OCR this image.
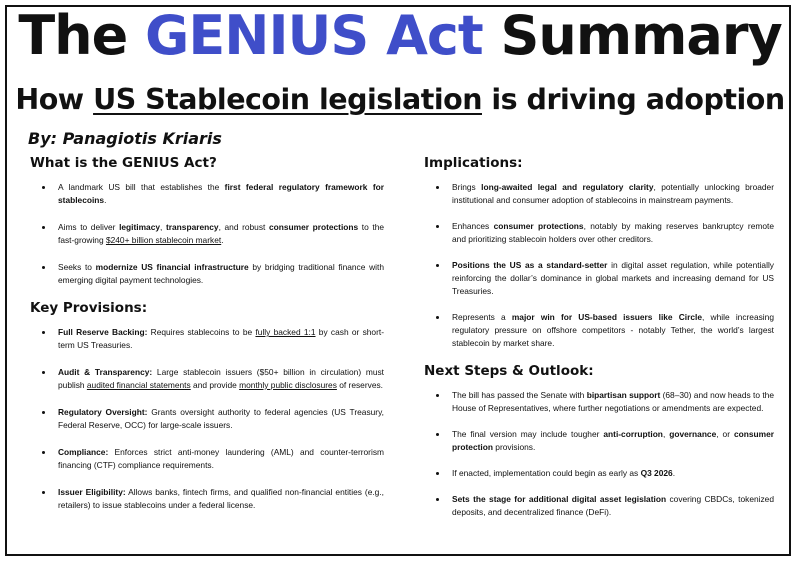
The GENIUS Act Summary
How US Stablecoin legislation is driving adoption
By: Panagiotis Kriaris
What is the GENIUS Act?
A landmark US bill that establishes the first federal regulatory framework for stablecoins.
Aims to deliver legitimacy, transparency, and robust consumer protections to the fast-growing $240+ billion stablecoin market.
Seeks to modernize US financial infrastructure by bridging traditional finance with emerging digital payment technologies.
Key Provisions:
Full Reserve Backing: Requires stablecoins to be fully backed 1:1 by cash or short-term US Treasuries.
Audit & Transparency: Large stablecoin issuers ($50+ billion in circulation) must publish audited financial statements and provide monthly public disclosures of reserves.
Regulatory Oversight: Grants oversight authority to federal agencies (US Treasury, Federal Reserve, OCC) for large-scale issuers.
Compliance: Enforces strict anti-money laundering (AML) and counter-terrorism financing (CTF) compliance requirements.
Issuer Eligibility: Allows banks, fintech firms, and qualified non-financial entities (e.g., retailers) to issue stablecoins under a federal license.
Implications:
Brings long-awaited legal and regulatory clarity, potentially unlocking broader institutional and consumer adoption of stablecoins in mainstream payments.
Enhances consumer protections, notably by making reserves bankruptcy remote and prioritizing stablecoin holders over other creditors.
Positions the US as a standard-setter in digital asset regulation, while potentially reinforcing the dollar’s dominance in global markets and increasing demand for US Treasuries.
Represents a major win for US-based issuers like Circle, while increasing regulatory pressure on offshore competitors - notably Tether, the world’s largest stablecoin by market share.
Next Steps & Outlook:
The bill has passed the Senate with bipartisan support (68–30) and now heads to the House of Representatives, where further negotiations or amendments are expected.
The final version may include tougher anti-corruption, governance, or consumer protection provisions.
If enacted, implementation could begin as early as Q3 2026.
Sets the stage for additional digital asset legislation covering CBDCs, tokenized deposits, and decentralized finance (DeFi).
